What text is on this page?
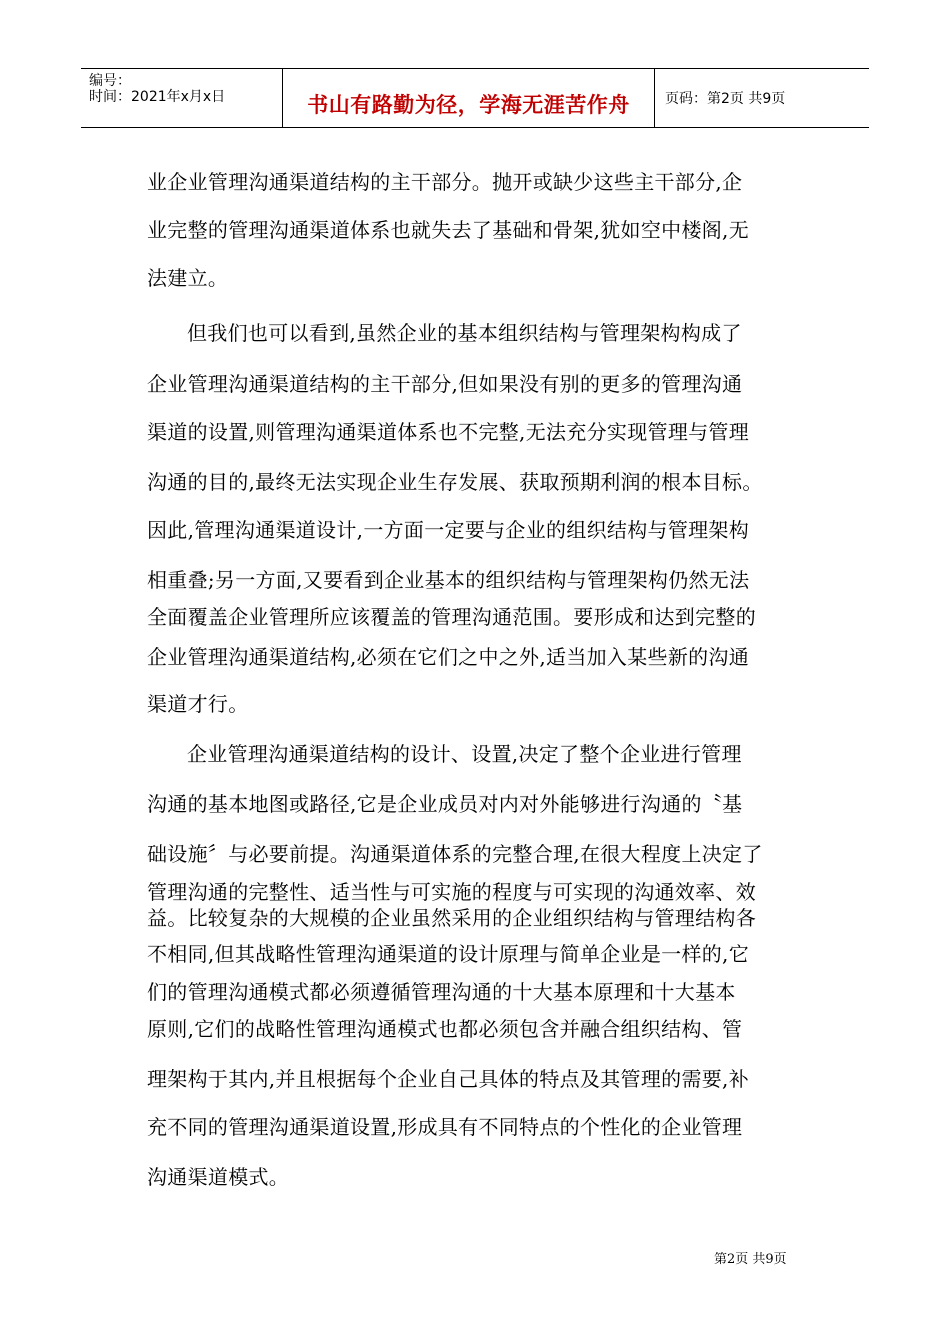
编号：
时间：2021年x月x日	书山有路勤为径，学海无涯苦作舟	页码：第2页 共9页
业企业管理沟通渠道结构的主干部分。抛开或缺少这些主干部分,企
业完整的管理沟通渠道体系也就失去了基础和骨架,犹如空中楼阁,无
法建立。
但我们也可以看到,虽然企业的基本组织结构与管理架构构成了
企业管理沟通渠道结构的主干部分,但如果没有别的更多的管理沟通
渠道的设置,则管理沟通渠道体系也不完整,无法充分实现管理与管理
沟通的目的,最终无法实现企业生存发展、获取预期利润的根本目标。
因此,管理沟通渠道设计,一方面一定要与企业的组织结构与管理架构
相重叠;另一方面,又要看到企业基本的组织结构与管理架构仍然无法
全面覆盖企业管理所应该覆盖的管理沟通范围。要形成和达到完整的
企业管理沟通渠道结构,必须在它们之中之外,适当加入某些新的沟通
渠道才行。
企业管理沟通渠道结构的设计、设置,决定了整个企业进行管理
沟通的基本地图或路径,它是企业成员对内对外能够进行沟通的〝基
础设施〞与必要前提。沟通渠道体系的完整合理,在很大程度上决定了
管理沟通的完整性、适当性与可实施的程度与可实现的沟通效率、效
益。比较复杂的大规模的企业虽然采用的企业组织结构与管理结构各
不相同,但其战略性管理沟通渠道的设计原理与简单企业是一样的,它
们的管理沟通模式都必须遵循管理沟通的十大基本原理和十大基本
原则,它们的战略性管理沟通模式也都必须包含并融合组织结构、管
理架构于其内,并且根据每个企业自己具体的特点及其管理的需要,补
充不同的管理沟通渠道设置,形成具有不同特点的个性化的企业管理
沟通渠道模式。
第2页 共9页
